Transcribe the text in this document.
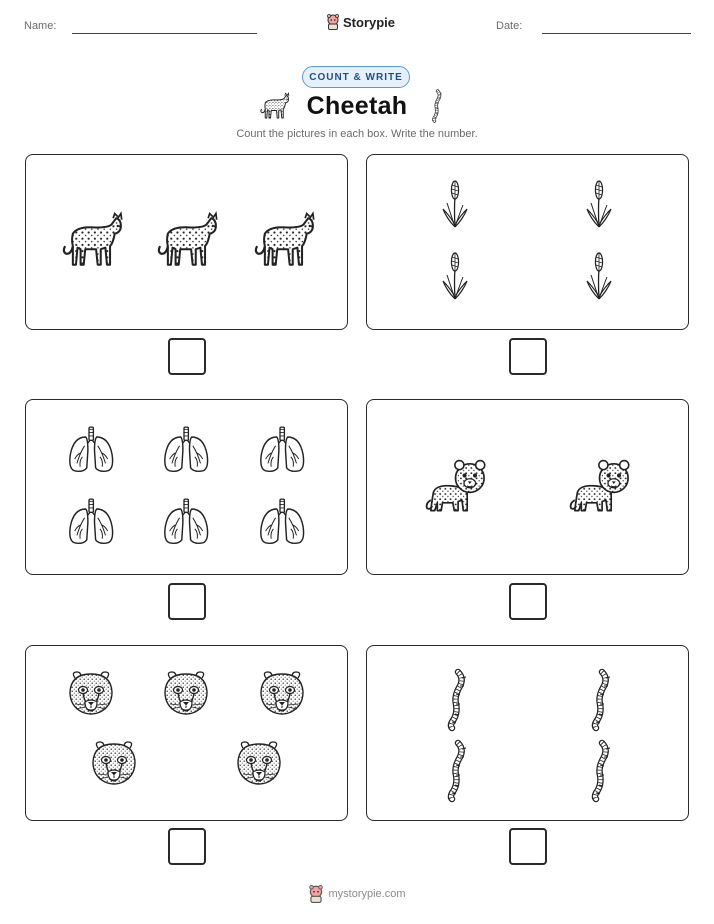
Name:	Storypie	Date:
COUNT & WRITE
Cheetah
Count the pictures in each box. Write the number.
mystorypie.com
